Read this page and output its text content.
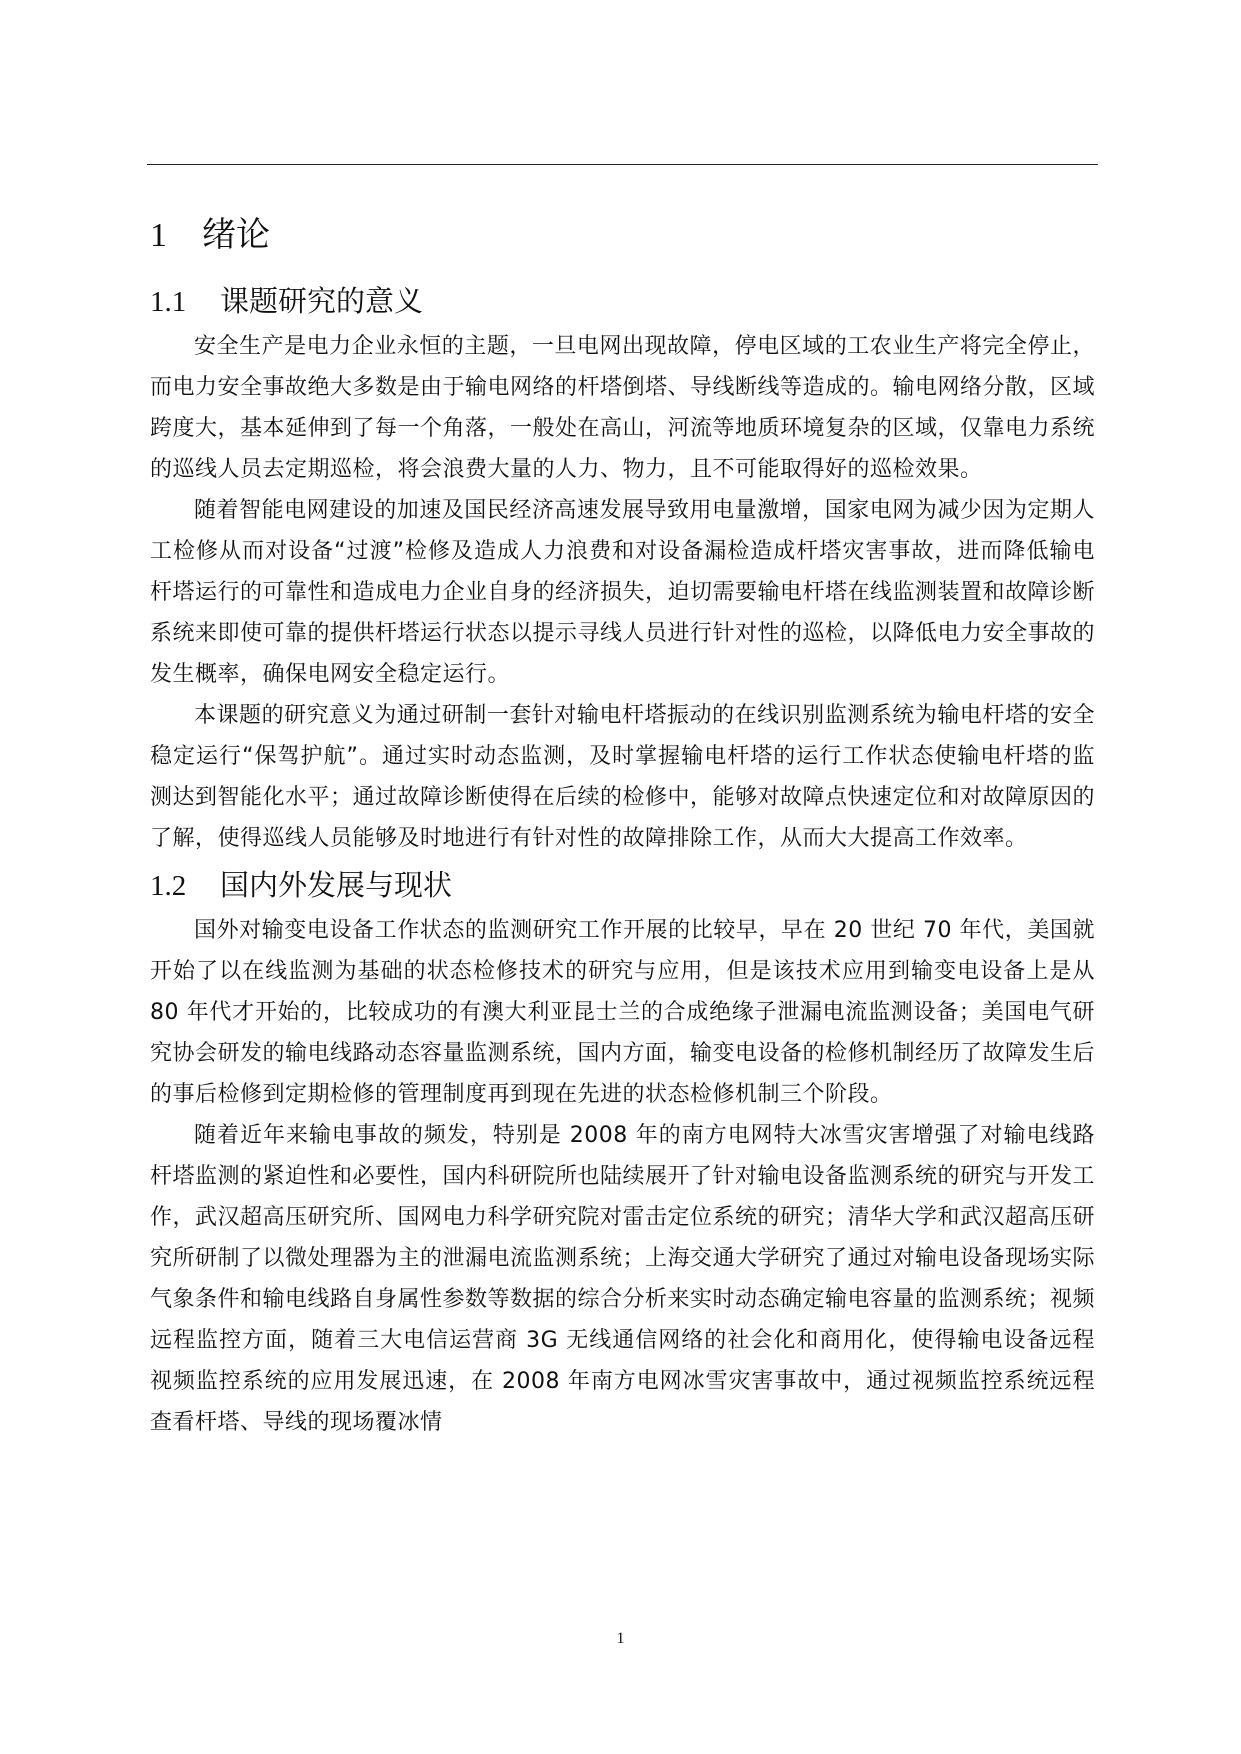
1 绪论
1.1 课题研究的意义

安全生产是电力企业永恒的主题，一旦电网出现故障，停电区域的工农业生产将完全停止，而电力安全事故绝大多数是由于输电网络的杆塔倒塔、导线断线等造成的。输电网络分散，区域跨度大，基本延伸到了每一个角落，一般处在高山，河流等地质环境复杂的区域，仅靠电力系统的巡线人员去定期巡检，将会浪费大量的人力、物力，且不可能取得好的巡检效果。

随着智能电网建设的加速及国民经济高速发展导致用电量激增，国家电网为减少因为定期人工检修从而对设备“过渡”检修及造成人力浪费和对设备漏检造成杆塔灾害事故，进而降低输电杆塔运行的可靠性和造成电力企业自身的经济损失，迫切需要输电杆塔在线监测装置和故障诊断系统来即使可靠的提供杆塔运行状态以提示寻线人员进行针对性的巡检，以降低电力安全事故的发生概率，确保电网安全稳定运行。

本课题的研究意义为通过研制一套针对输电杆塔振动的在线识别监测系统为输电杆塔的安全稳定运行“保驾护航”。通过实时动态监测，及时掌握输电杆塔的运行工作状态使输电杆塔的监测达到智能化水平；通过故障诊断使得在后续的检修中，能够对故障点快速定位和对故障原因的了解，使得巡线人员能够及时地进行有针对性的故障排除工作，从而大大提高工作效率。

1.2 国内外发展与现状

国外对输变电设备工作状态的监测研究工作开展的比较早，早在 20 世纪 70 年代，美国就开始了以在线监测为基础的状态检修技术的研究与应用，但是该技术应用到输变电设备上是从 80 年代才开始的，比较成功的有澳大利亚昆士兰的合成绝缘子泄漏电流监测设备；美国电气研究协会研发的输电线路动态容量监测系统，国内方面，输变电设备的检修机制经历了故障发生后的事后检修到定期检修的管理制度再到现在先进的状态检修机制三个阶段。

随着近年来输电事故的频发，特别是 2008 年的南方电网特大冰雪灾害增强了对输电线路杆塔监测的紧迫性和必要性，国内科研院所也陆续展开了针对输电设备监测系统的研究与开发工作，武汉超高压研究所、国网电力科学研究院对雷击定位系统的研究；清华大学和武汉超高压研究所研制了以微处理器为主的泄漏电流监测系统；上海交通大学研究了通过对输电设备现场实际气象条件和输电线路自身属性参数等数据的综合分析来实时动态确定输电容量的监测系统；视频远程监控方面，随着三大电信运营商 3G 无线通信网络的社会化和商用化，使得输电设备远程视频监控系统的应用发展迅速，在 2008 年南方电网冰雪灾害事故中，通过视频监控系统远程查看杆塔、导线的现场覆冰情

1
